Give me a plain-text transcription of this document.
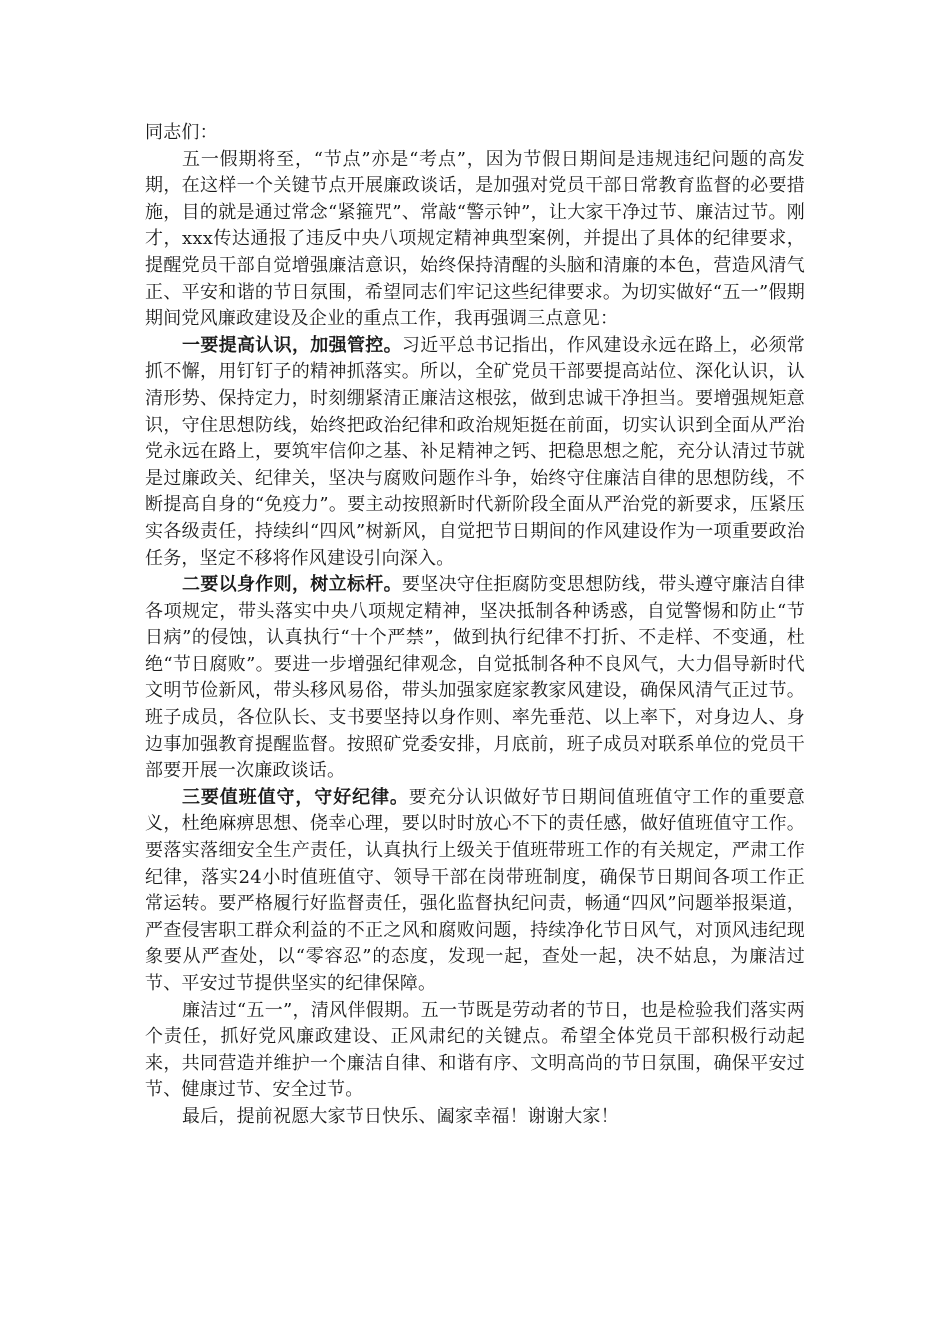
同志们：

五一假期将至，“节点”亦是“考点”，因为节假日期间是违规违纪问题的高发期，在这样一个关键节点开展廉政谈话，是加强对党员干部日常教育监督的必要措施，目的就是通过常念“紧箍咒”、常敲“警示钟”，让大家干净过节、廉洁过节。刚才，xxx传达通报了违反中央八项规定精神典型案例，并提出了具体的纪律要求，提醒党员干部自觉增强廉洁意识，始终保持清醒的头脑和清廉的本色，营造风清气正、平安和谐的节日氛围，希望同志们牢记这些纪律要求。为切实做好“五一”假期期间党风廉政建设及企业的重点工作，我再强调三点意见：

一要提高认识，加强管控。习近平总书记指出，作风建设永远在路上，必须常抓不懈，用钉钉子的精神抓落实。所以，全矿党员干部要提高站位、深化认识，认清形势、保持定力，时刻绷紧清正廉洁这根弦，做到忠诚干净担当。要增强规矩意识，守住思想防线，始终把政治纪律和政治规矩挺在前面，切实认识到全面从严治党永远在路上，要筑牢信仰之基、补足精神之钙、把稳思想之舵，充分认清过节就是过廉政关、纪律关，坚决与腐败问题作斗争，始终守住廉洁自律的思想防线，不断提高自身的“免疫力”。要主动按照新时代新阶段全面从严治党的新要求，压紧压实各级责任，持续纠“四风”树新风，自觉把节日期间的作风建设作为一项重要政治任务，坚定不移将作风建设引向深入。

二要以身作则，树立标杆。要坚决守住拒腐防变思想防线，带头遵守廉洁自律各项规定，带头落实中央八项规定精神，坚决抵制各种诱惑，自觉警惕和防止“节日病”的侵蚀，认真执行“十个严禁”，做到执行纪律不打折、不走样、不变通，杜绝“节日腐败”。要进一步增强纪律观念，自觉抵制各种不良风气，大力倡导新时代文明节俭新风，带头移风易俗，带头加强家庭家教家风建设，确保风清气正过节。班子成员，各位队长、支书要坚持以身作则、率先垂范、以上率下，对身边人、身边事加强教育提醒监督。按照矿党委安排，月底前，班子成员对联系单位的党员干部要开展一次廉政谈话。

三要值班值守，守好纪律。要充分认识做好节日期间值班值守工作的重要意义，杜绝麻痹思想、侥幸心理，要以时时放心不下的责任感，做好值班值守工作。要落实落细安全生产责任，认真执行上级关于值班带班工作的有关规定，严肃工作纪律，落实24小时值班值守、领导干部在岗带班制度，确保节日期间各项工作正常运转。要严格履行好监督责任，强化监督执纪问责，畅通“四风”问题举报渠道，严查侵害职工群众利益的不正之风和腐败问题，持续净化节日风气，对顶风违纪现象要从严查处，以“零容忍”的态度，发现一起，查处一起，决不姑息，为廉洁过节、平安过节提供坚实的纪律保障。

廉洁过“五一”，清风伴假期。五一节既是劳动者的节日，也是检验我们落实两个责任，抓好党风廉政建设、正风肃纪的关键点。希望全体党员干部积极行动起来，共同营造并维护一个廉洁自律、和谐有序、文明高尚的节日氛围，确保平安过节、健康过节、安全过节。

最后，提前祝愿大家节日快乐、阖家幸福！谢谢大家！
